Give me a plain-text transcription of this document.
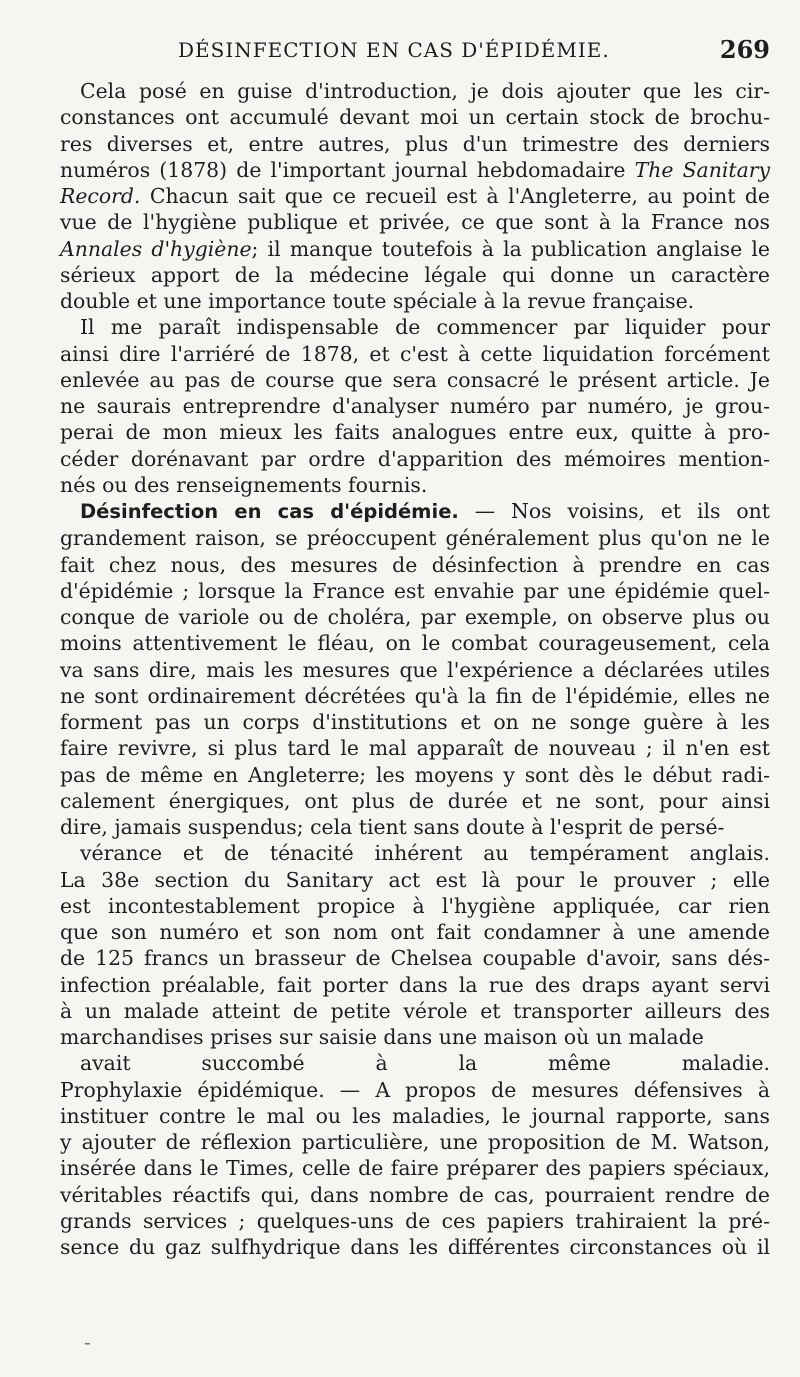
DÉSINFECTION EN CAS D'ÉPIDÉMIE.	269
Cela posé en guise d'introduction, je dois ajouter que les cir-
constances ont accumulé devant moi un certain stock de brochu-
res diverses et, entre autres, plus d'un trimestre des derniers
numéros (1878) de l'important journal hebdomadaire The Sanitary
Record. Chacun sait que ce recueil est à l'Angleterre, au point de
vue de l'hygiène publique et privée, ce que sont à la France nos
Annales d'hygiène; il manque toutefois à la publication anglaise le
sérieux apport de la médecine légale qui donne un caractère
double et une importance toute spéciale à la revue française.
Il me paraît indispensable de commencer par liquider pour
ainsi dire l'arriéré de 1878, et c'est à cette liquidation forcément
enlevée au pas de course que sera consacré le présent article. Je
ne saurais entreprendre d'analyser numéro par numéro, je grou-
perai de mon mieux les faits analogues entre eux, quitte à pro-
céder dorénavant par ordre d'apparition des mémoires mention-
nés ou des renseignements fournis.
Désinfection en cas d'épidémie. — Nos voisins, et ils ont
grandement raison, se préoccupent généralement plus qu'on ne le
fait chez nous, des mesures de désinfection à prendre en cas
d'épidémie ; lorsque la France est envahie par une épidémie quel-
conque de variole ou de choléra, par exemple, on observe plus ou
moins attentivement le fléau, on le combat courageusement, cela
va sans dire, mais les mesures que l'expérience a déclarées utiles
ne sont ordinairement décrétées qu'à la fin de l'épidémie, elles ne
forment pas un corps d'institutions et on ne songe guère à les
faire revivre, si plus tard le mal apparaît de nouveau ; il n'en est
pas de même en Angleterre; les moyens y sont dès le début radi-
calement énergiques, ont plus de durée et ne sont, pour ainsi
dire, jamais suspendus; cela tient sans doute à l'esprit de persé-
vérance et de ténacité inhérent au tempérament anglais.
La 38e section du Sanitary act est là pour le prouver ; elle
est incontestablement propice à l'hygiène appliquée, car rien
que son numéro et son nom ont fait condamner à une amende
de 125 francs un brasseur de Chelsea coupable d'avoir, sans dés-
infection préalable, fait porter dans la rue des draps ayant servi
à un malade atteint de petite vérole et transporter ailleurs des
marchandises prises sur saisie dans une maison où un malade
avait succombé à la même maladie.
Prophylaxie épidémique. — A propos de mesures défensives à
instituer contre le mal ou les maladies, le journal rapporte, sans
y ajouter de réflexion particulière, une proposition de M. Watson,
insérée dans le Times, celle de faire préparer des papiers spéciaux,
véritables réactifs qui, dans nombre de cas, pourraient rendre de
grands services ; quelques-uns de ces papiers trahiraient la pré-
sence du gaz sulfhydrique dans les différentes circonstances où il
-
